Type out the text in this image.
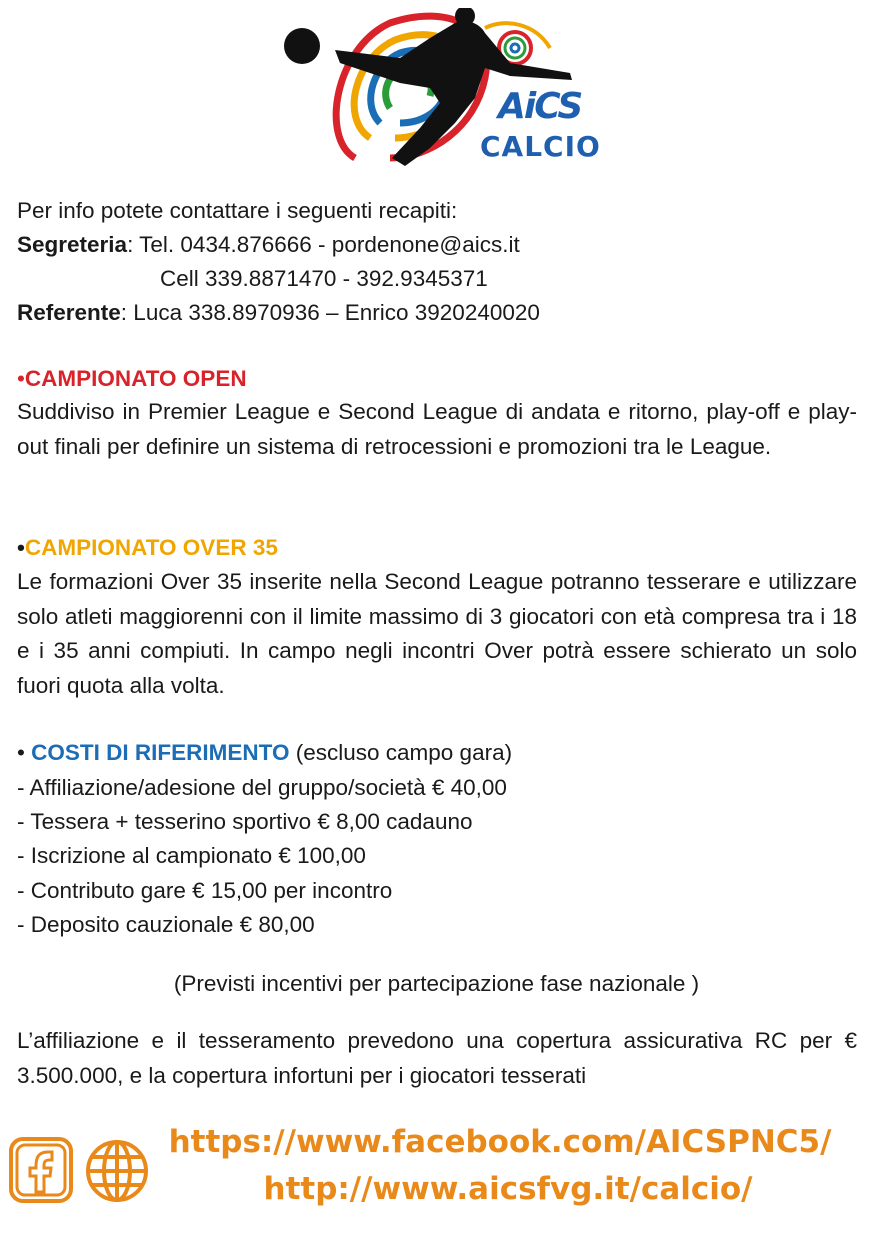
AiCS
CALCIO
Per info potete contattare i seguenti recapiti:
Segreteria: Tel. 0434.876666 - pordenone@aics.it
Cell 339.8871470 - 392.9345371
Referente: Luca 338.8970936 – Enrico 3920240020
•CAMPIONATO OPEN
Suddiviso in Premier League e Second League di andata e ritorno, play-off e play-out finali per definire un sistema di retrocessioni e promozioni tra le League.
•CAMPIONATO OVER 35
Le formazioni Over 35 inserite nella Second League potranno tesserare e utilizzare solo atleti maggiorenni con il limite massimo di 3 giocatori con età compresa tra i 18 e i 35 anni compiuti. In campo negli incontri Over potrà essere schierato un solo fuori quota alla volta.
• COSTI DI RIFERIMENTO (escluso campo gara)
- Affiliazione/adesione del gruppo/società € 40,00
- Tessera + tesserino sportivo € 8,00 cadauno
- Iscrizione al campionato € 100,00
- Contributo gare € 15,00 per incontro
- Deposito cauzionale € 80,00
(Previsti incentivi per partecipazione fase nazionale )
L’affiliazione e il tesseramento prevedono una copertura assicurativa RC per € 3.500.000, e la copertura infortuni per i giocatori tesserati
https://www.facebook.com/AICSPNC5/
http://www.aicsfvg.it/calcio/
